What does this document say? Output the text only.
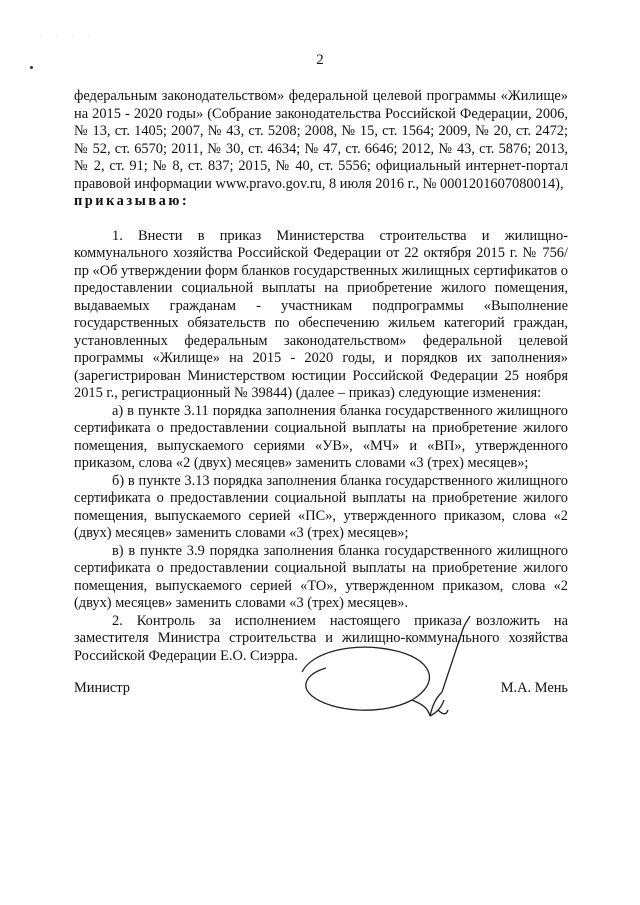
. . . .
2

федеральным законодательством» федеральной целевой программы «Жилище» на 2015 - 2020 годы» (Собрание законодательства Российской Федерации, 2006, № 13, ст. 1405; 2007, № 43, ст. 5208; 2008, № 15, ст. 1564; 2009, № 20, ст. 2472; № 52, ст. 6570; 2011, № 30, ст. 4634; № 47, ст. 6646; 2012, № 43, ст. 5876; 2013, № 2, ст. 91; № 8, ст. 837; 2015, № 40, ст. 5556; официальный интернет-портал правовой информации www.pravo.gov.ru, 8 июля 2016 г., № 0001201607080014),

приказываю:

1. Внести в приказ Министерства строительства и жилищно-коммунального хозяйства Российской Федерации от 22 октября 2015 г. № 756/пр «Об утверждении форм бланков государственных жилищных сертификатов о предоставлении социальной выплаты на приобретение жилого помещения, выдаваемых гражданам - участникам подпрограммы «Выполнение государственных обязательств по обеспечению жильем категорий граждан, установленных федеральным законодательством» федеральной целевой программы «Жилище» на 2015 - 2020 годы, и порядков их заполнения» (зарегистрирован Министерством юстиции Российской Федерации 25 ноября 2015 г., регистрационный № 39844) (далее – приказ) следующие изменения:

а) в пункте 3.11 порядка заполнения бланка государственного жилищного сертификата о предоставлении социальной выплаты на приобретение жилого помещения, выпускаемого сериями «УВ», «МЧ» и «ВП», утвержденного приказом, слова «2 (двух) месяцев» заменить словами «3 (трех) месяцев»;

б) в пункте 3.13 порядка заполнения бланка государственного жилищного сертификата о предоставлении социальной выплаты на приобретение жилого помещения, выпускаемого серией «ПС», утвержденного приказом, слова «2 (двух) месяцев» заменить словами «3 (трех) месяцев»;

в) в пункте 3.9 порядка заполнения бланка государственного жилищного сертификата о предоставлении социальной выплаты на приобретение жилого помещения, выпускаемого серией «ТО», утвержденном приказом, слова «2 (двух) месяцев» заменить словами «3 (трех) месяцев».

2. Контроль за исполнением настоящего приказа возложить на заместителя Министра строительства и жилищно-коммунального хозяйства Российской Федерации Е.О. Сиэрра.

Министр	М.А. Мень
